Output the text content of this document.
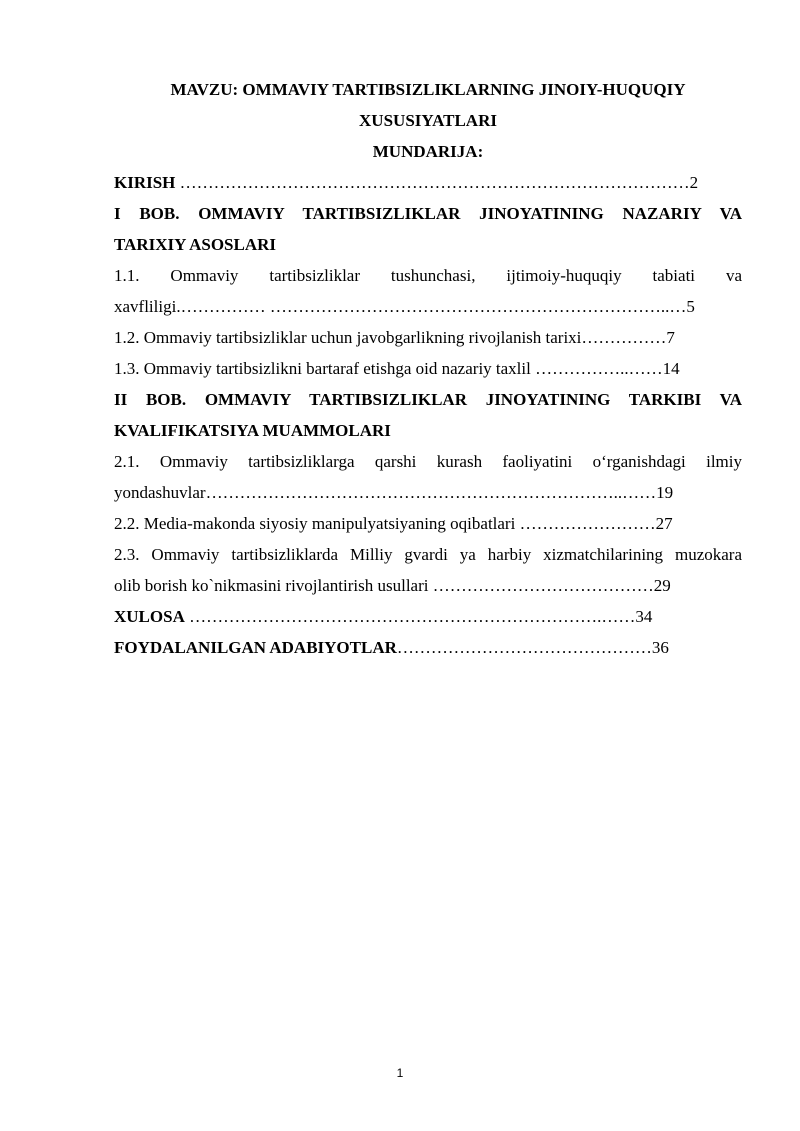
MAVZU: OMMAVIY TARTIBSIZLIKLARNING JINOIY-HUQUQIY

XUSUSIYATLARI

MUNDARIJA:

KIRISH ………………………………………………………………………………2

I BOB. OMMAVIY TARTIBSIZLIKLAR JINOYATINING NAZARIY VA

TARIXIY ASOSLARI

1.1. Ommaviy tartibsizliklar tushunchasi, ijtimoiy-huquqiy tabiati va

xavfliligi.…………… ……………………………………………………………..…5

1.2. Ommaviy tartibsizliklar uchun javobgarlikning rivojlanish tarixi……………7

1.3. Ommaviy tartibsizlikni bartaraf etishga oid nazariy taxlil ……………..……14

II BOB. OMMAVIY TARTIBSIZLIKLAR JINOYATINING TARKIBI VA

KVALIFIKATSIYA MUAMMOLARI

2.1. Ommaviy tartibsizliklarga qarshi kurash faoliyatini o‘rganishdagi ilmiy

yondashuvlar………………………………………………………………..……19

2.2. Media-makonda siyosiy manipulyatsiyaning oqibatlari ……………………27

2.3. Ommaviy tartibsizliklarda Milliy gvardi ya harbiy xizmatchilarining muzokara

olib borish ko`nikmasini rivojlantirish usullari …………………………………29

XULOSA ……………………………………………………………….……34

FOYDALANILGAN ADABIYOTLAR………………………………………36

1
